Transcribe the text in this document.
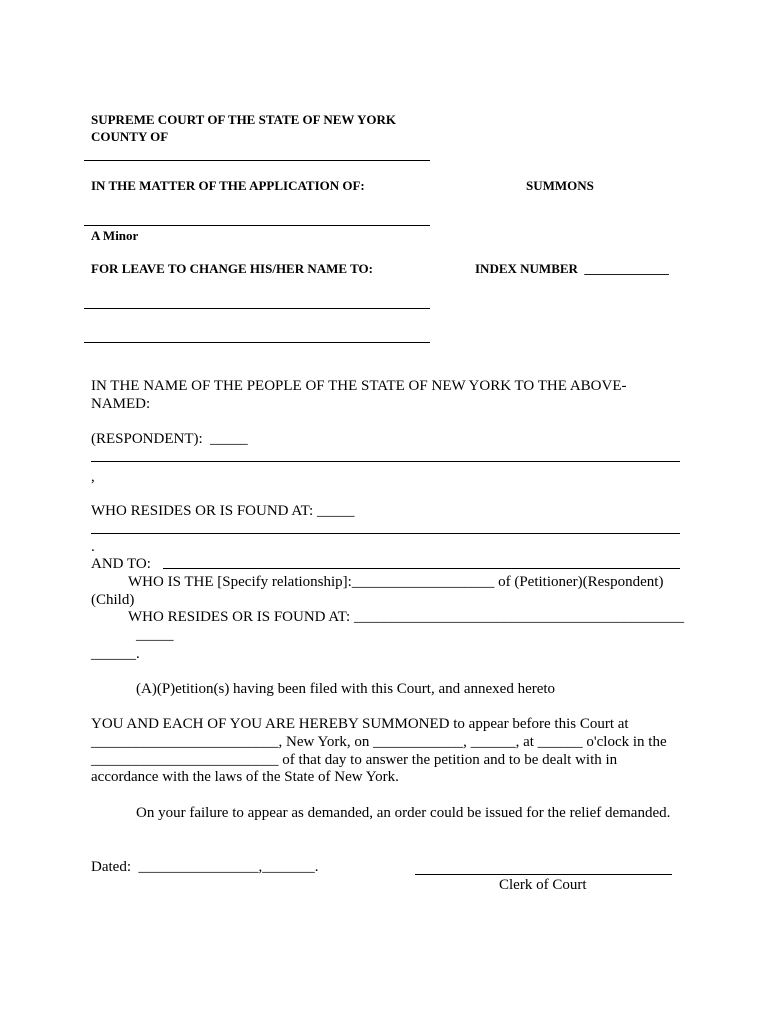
SUPREME COURT OF THE STATE OF NEW YORK
COUNTY OF
IN THE MATTER OF THE APPLICATION OF:	SUMMONS
A Minor
FOR LEAVE TO CHANGE HIS/HER NAME TO:	INDEX NUMBER  _____________
IN THE NAME OF THE PEOPLE OF THE STATE OF NEW YORK TO THE ABOVE-
NAMED:
(RESPONDENT):  _____
,
WHO RESIDES OR IS FOUND AT: _____
.
AND TO:
WHO IS THE [Specify relationship]:___________________ of (Petitioner)(Respondent)
(Child)
WHO RESIDES OR IS FOUND AT: ____________________________________________
_____
______.
(A)(P)etition(s) having been filed with this Court, and annexed hereto
YOU AND EACH OF YOU ARE HEREBY SUMMONED to appear before this Court at
_________________________, New York, on ____________, ______, at ______ o'clock in the
_________________________ of that day to answer the petition and to be dealt with in
accordance with the laws of the State of New York.
On your failure to appear as demanded, an order could be issued for the relief demanded.
Dated:  ________________,_______.
Clerk of Court
